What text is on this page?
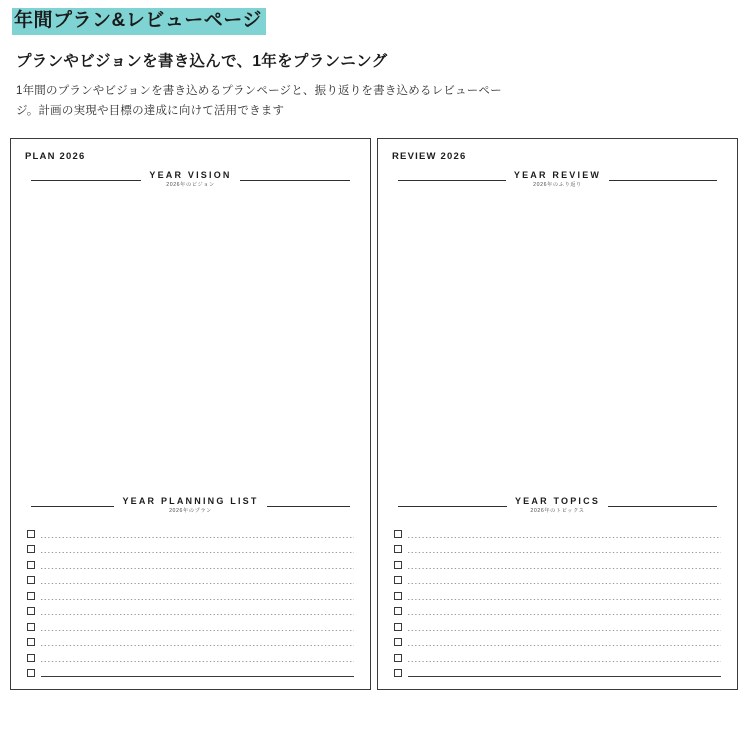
年間プラン&レビューページ
プランやビジョンを書き込んで、1年をプランニング
1年間のプランやビジョンを書き込めるプランページと、振り返りを書き込めるレビューペー
ジ。計画の実現や目標の達成に向けて活用できます
PLAN 2026
YEAR VISION
2026年のビジョン
YEAR PLANNING LIST
2026年のプラン
REVIEW 2026
YEAR REVIEW
2026年のふり返り
YEAR TOPICS
2026年のトピックス
